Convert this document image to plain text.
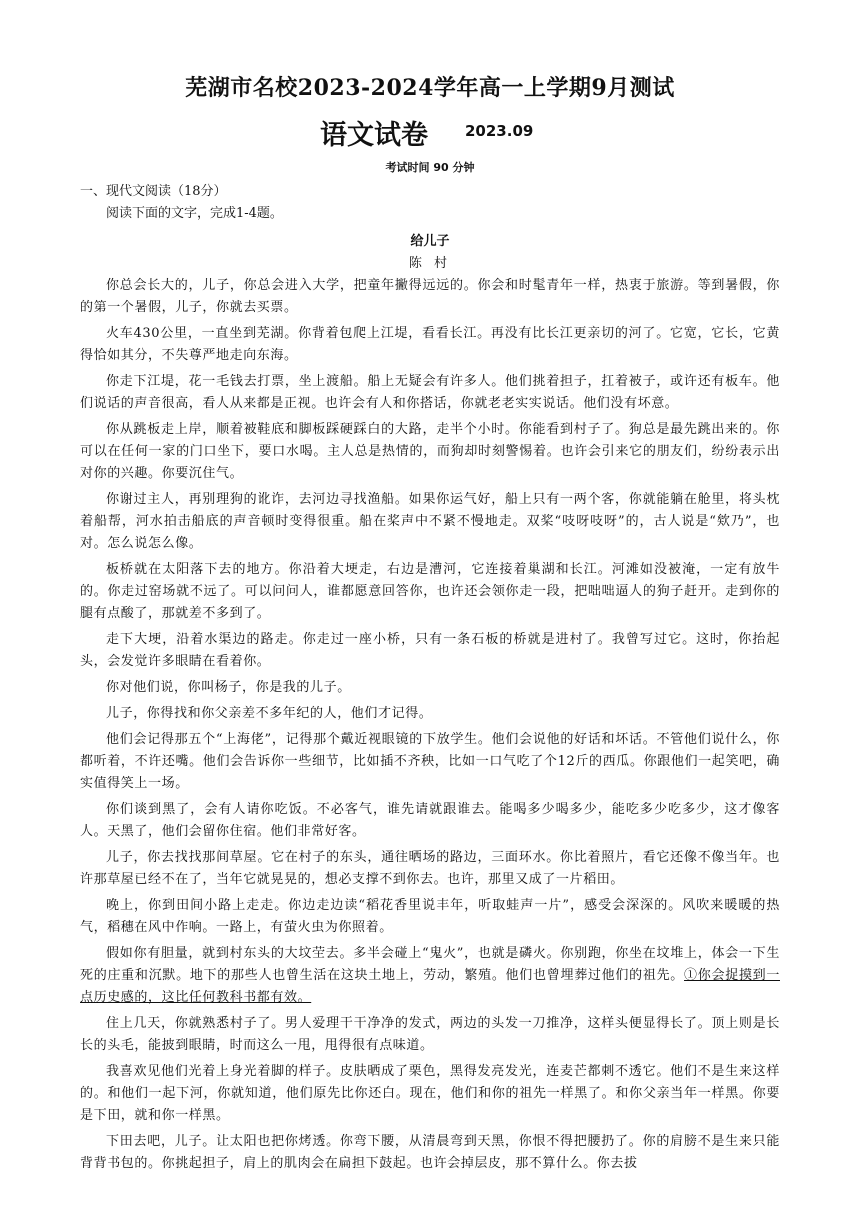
芜湖市名校2023-2024学年高一上学期9月测试
语文试卷 2023.09
考试时间 90 分钟
一、现代文阅读（18分）
阅读下面的文字，完成1-4题。
给儿子
陈 村

你总会长大的，儿子，你总会进入大学，把童年撇得远远的。你会和时髦青年一样，热衷于旅游。等到暑假，你的第一个暑假，儿子，你就去买票。

火车430公里，一直坐到芜湖。你背着包爬上江堤，看看长江。再没有比长江更亲切的河了。它宽，它长，它黄得恰如其分，不失尊严地走向东海。

你走下江堤，花一毛钱去打票，坐上渡船。船上无疑会有许多人。他们挑着担子，扛着被子，或许还有板车。他们说话的声音很高，看人从来都是正视。也许会有人和你搭话，你就老老实实说话。他们没有坏意。

你从跳板走上岸，顺着被鞋底和脚板踩硬踩白的大路，走半个小时。你能看到村子了。狗总是最先跳出来的。你可以在任何一家的门口坐下，要口水喝。主人总是热情的，而狗却时刻警惕着。也许会引来它的朋友们，纷纷表示出对你的兴趣。你要沉住气。

你谢过主人，再别理狗的讹诈，去河边寻找渔船。如果你运气好，船上只有一两个客，你就能躺在舱里，将头枕着船帮，河水拍击船底的声音顿时变得很重。船在桨声中不紧不慢地走。双桨“吱呀吱呀”的，古人说是“欸乃”，也对。怎么说怎么像。

板桥就在太阳落下去的地方。你沿着大埂走，右边是漕河，它连接着巢湖和长江。河滩如没被淹，一定有放牛的。你走过窑场就不远了。可以问问人，谁都愿意回答你，也许还会领你走一段，把咄咄逼人的狗子赶开。走到你的腿有点酸了，那就差不多到了。

走下大埂，沿着水渠边的路走。你走过一座小桥，只有一条石板的桥就是进村了。我曾写过它。这时，你抬起头，会发觉许多眼睛在看着你。

你对他们说，你叫杨子，你是我的儿子。

儿子，你得找和你父亲差不多年纪的人，他们才记得。

他们会记得那五个“上海佬”，记得那个戴近视眼镜的下放学生。他们会说他的好话和坏话。不管他们说什么，你都听着，不许还嘴。他们会告诉你一些细节，比如插不齐秧，比如一口气吃了个12斤的西瓜。你跟他们一起笑吧，确实值得笑上一场。

你们谈到黑了，会有人请你吃饭。不必客气，谁先请就跟谁去。能喝多少喝多少，能吃多少吃多少，这才像客人。天黑了，他们会留你住宿。他们非常好客。

儿子，你去找找那间草屋。它在村子的东头，通往晒场的路边，三面环水。你比着照片，看它还像不像当年。也许那草屋已经不在了，当年它就晃晃的，想必支撑不到你去。也许，那里又成了一片稻田。

晚上，你到田间小路上走走。你边走边读“稻花香里说丰年，听取蛙声一片”，感受会深深的。风吹来暖暖的热气，稻穗在风中作响。一路上，有萤火虫为你照着。

假如你有胆量，就到村东头的大坟茔去。多半会碰上“鬼火”，也就是磷火。你别跑，你坐在坟堆上，体会一下生死的庄重和沉默。地下的那些人也曾生活在这块土地上，劳动，繁殖。他们也曾埋葬过他们的祖先。①你会捉摸到一点历史感的，这比任何教科书都有效。

住上几天，你就熟悉村子了。男人爱理干干净净的发式，两边的头发一刀推净，这样头便显得长了。顶上则是长长的头毛，能披到眼睛，时而这么一甩，甩得很有点味道。

我喜欢见他们光着上身光着脚的样子。皮肤晒成了栗色，黑得发亮发光，连麦芒都刺不透它。他们不是生来这样的。和他们一起下河，你就知道，他们原先比你还白。现在，他们和你的祖先一样黑了。和你父亲当年一样黑。你要是下田，就和你一样黑。

下田去吧，儿子。让太阳也把你烤透。你弯下腰，从清晨弯到天黑，你恨不得把腰扔了。你的肩膀不是生来只能背背书包的。你挑起担子，肩上的肌肉会在扁担下鼓起。也许会掉层皮，那不算什么。你去拔
